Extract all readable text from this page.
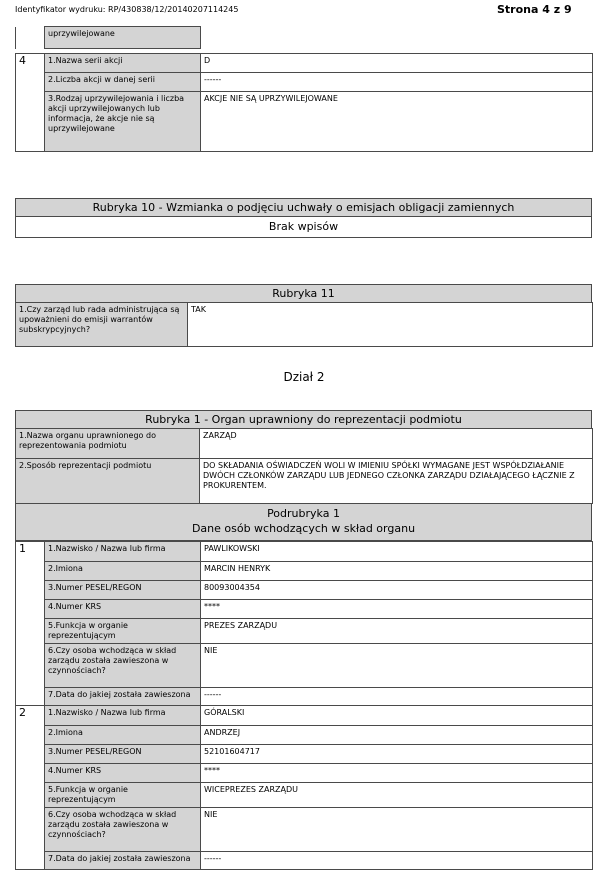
Identyfikator wydruku: RP/430838/12/20140207114245	Strona 4 z 9
	uprzywilejowane	

4	1.Nazwa serii akcji	D
	2.Liczba akcji w danej serii	------
	3.Rodzaj uprzywilejowania i liczba akcji uprzywilejowanych lub informacja, że akcje nie są uprzywilejowane	AKCJE NIE SĄ UPRZYWILEJOWANE
Rubryka 10 - Wzmianka o podjęciu uchwały o emisjach obligacji zamiennych
Brak wpisów
Rubryka 11
1.Czy zarząd lub rada administrująca są upoważnieni do emisji warrantów subskrypcyjnych?	TAK
Dział 2
Rubryka 1 - Organ uprawniony do reprezentacji podmiotu
1.Nazwa organu uprawnionego do reprezentowania podmiotu	ZARZĄD
2.Sposób reprezentacji podmiotu	DO SKŁADANIA OŚWIADCZEŃ WOLI W IMIENIU SPÓŁKI WYMAGANE JEST WSPÓŁDZIAŁANIE DWÓCH CZŁONKÓW ZARZĄDU LUB JEDNEGO CZŁONKA ZARZĄDU DZIAŁAJĄCEGO ŁĄCZNIE Z PROKURENTEM.
Podrubryka 1
Dane osób wchodzących w skład organu
1	1.Nazwisko / Nazwa lub firma	PAWLIKOWSKI
	2.Imiona	MARCIN HENRYK
	3.Numer PESEL/REGON	80093004354
	4.Numer KRS	****
	5.Funkcja w organie reprezentującym	PREZES ZARZĄDU
	6.Czy osoba wchodząca w skład zarządu została zawieszona w czynnościach?	NIE
	7.Data do jakiej została zawieszona	------
2	1.Nazwisko / Nazwa lub firma	GÓRALSKI
	2.Imiona	ANDRZEJ
	3.Numer PESEL/REGON	52101604717
	4.Numer KRS	****
	5.Funkcja w organie reprezentującym	WICEPREZES ZARZĄDU
	6.Czy osoba wchodząca w skład zarządu została zawieszona w czynnościach?	NIE
	7.Data do jakiej została zawieszona	------
